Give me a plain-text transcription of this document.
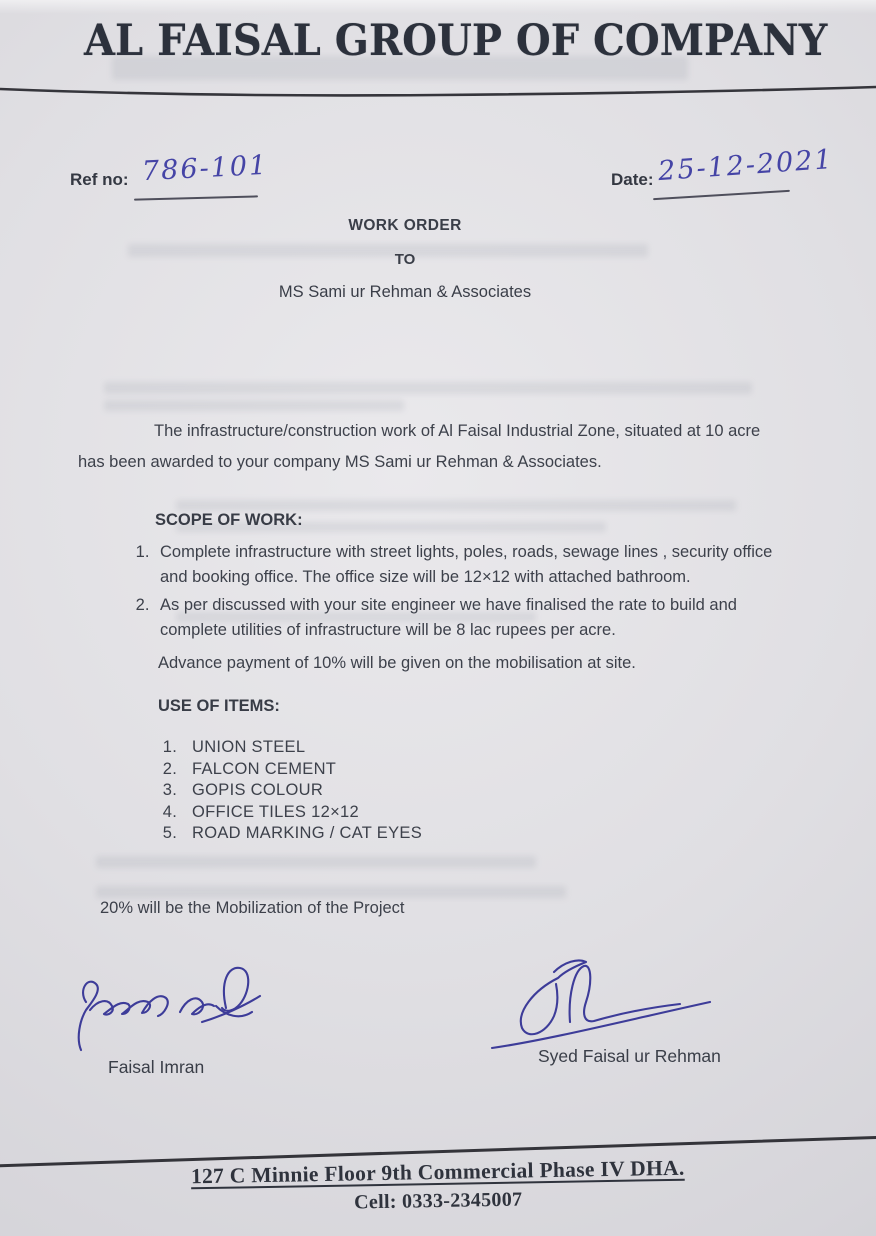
AL FAISAL GROUP OF COMPANY
Ref no: 786-101	Date: 25-12-2021
WORK ORDER
TO
MS Sami ur Rehman & Associates
The infrastructure/construction work of Al Faisal Industrial Zone, situated at 10 acre has been awarded to your company MS Sami ur Rehman & Associates.
SCOPE OF WORK:
1. Complete infrastructure with street lights, poles, roads, sewage lines , security office and booking office. The office size will be 12×12 with attached bathroom.
2. As per discussed with your site engineer we have finalised the rate to build and complete utilities of infrastructure will be 8 lac rupees per acre.
Advance payment of 10% will be given on the mobilisation at site.
USE OF ITEMS:
1. UNION STEEL
2. FALCON CEMENT
3. GOPIS COLOUR
4. OFFICE TILES 12×12
5. ROAD MARKING / CAT EYES
20% will be the Mobilization of the Project
Faisal Imran
Syed Faisal ur Rehman
127 C Minnie Floor 9th Commercial Phase IV DHA.
Cell: 0333-2345007
